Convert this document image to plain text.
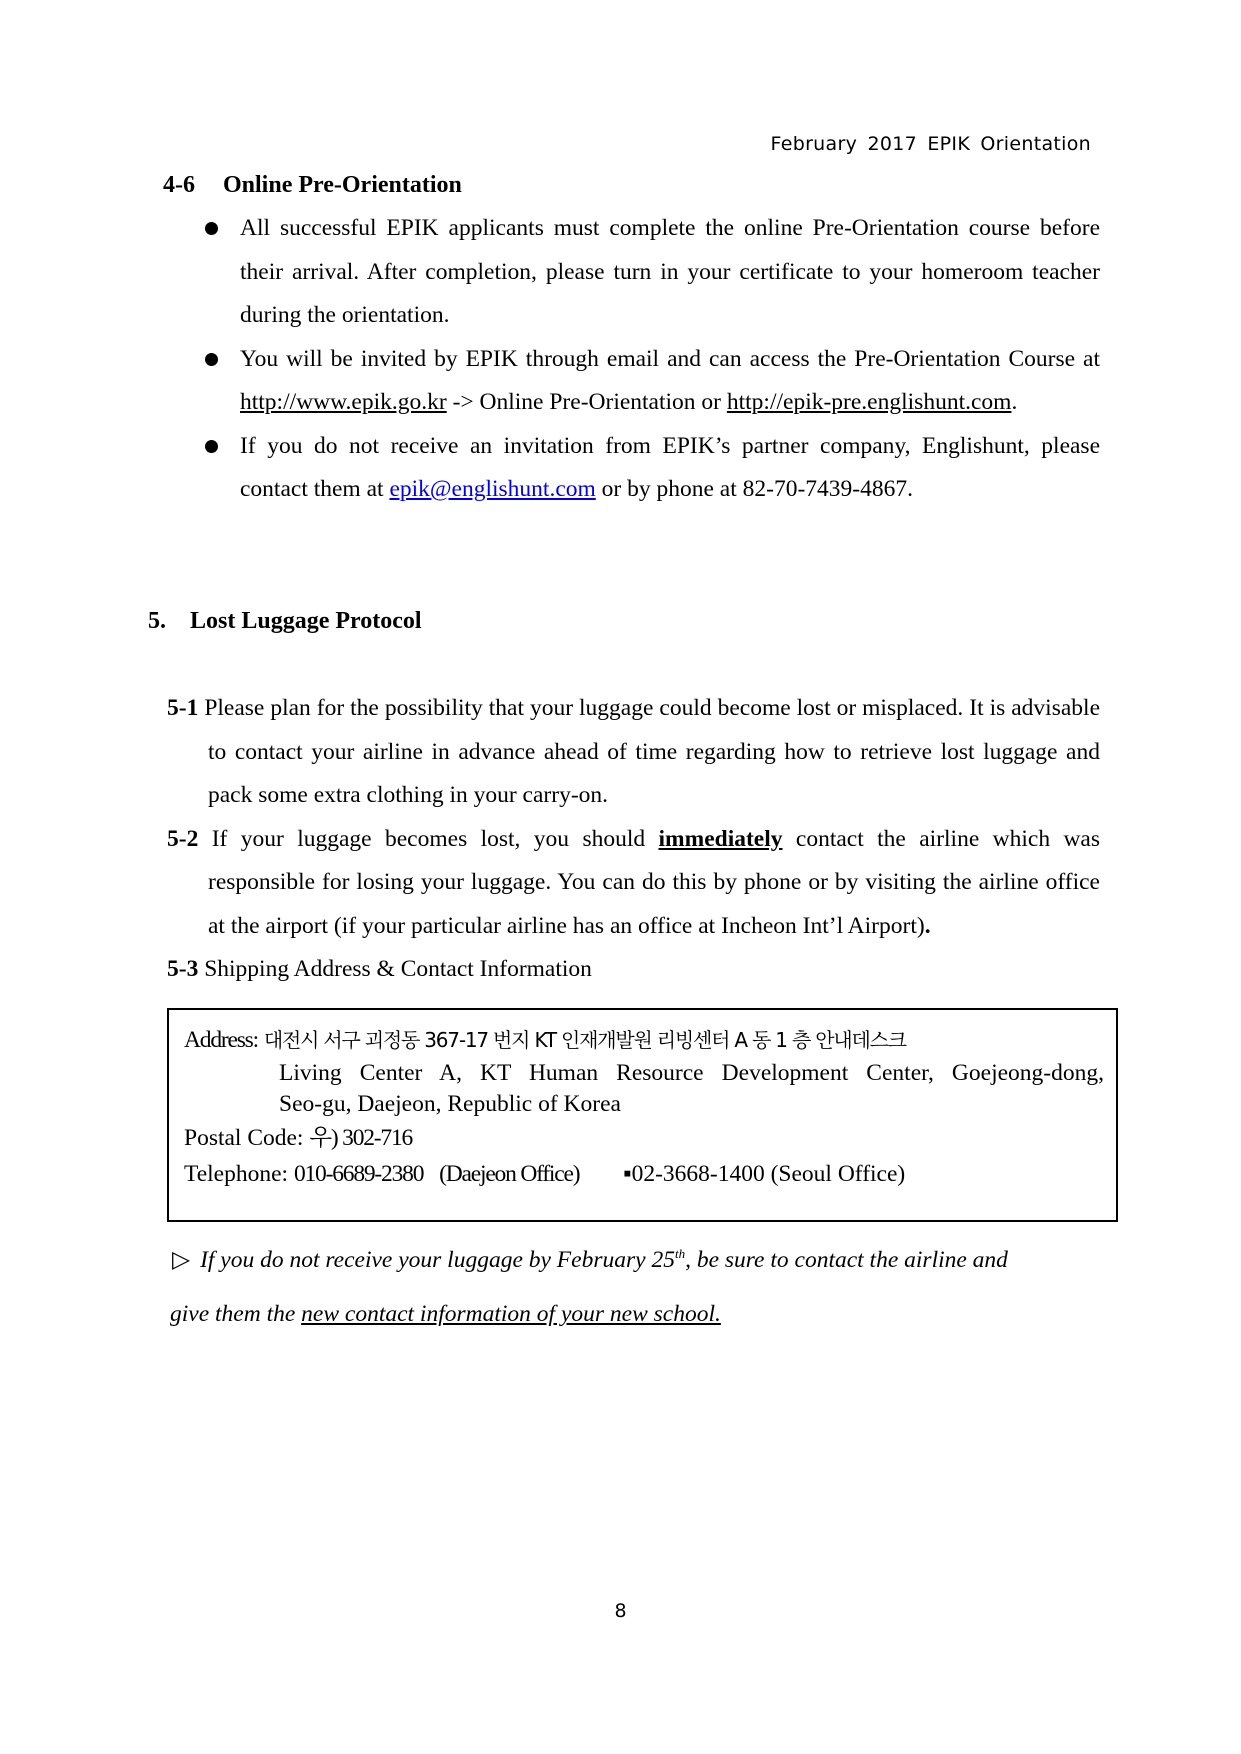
February 2017 EPIK Orientation
4-6 Online Pre-Orientation
All successful EPIK applicants must complete the online Pre-Orientation course before their arrival. After completion, please turn in your certificate to your homeroom teacher during the orientation.
You will be invited by EPIK through email and can access the Pre-Orientation Course at http://www.epik.go.kr -> Online Pre-Orientation or http://epik-pre.englishunt.com.
If you do not receive an invitation from EPIK’s partner company, Englishunt, please contact them at epik@englishunt.com or by phone at 82-70-7439-4867.
5. Lost Luggage Protocol
5-1 Please plan for the possibility that your luggage could become lost or misplaced. It is advisable to contact your airline in advance ahead of time regarding how to retrieve lost luggage and pack some extra clothing in your carry-on.
5-2 If your luggage becomes lost, you should immediately contact the airline which was responsible for losing your luggage. You can do this by phone or by visiting the airline office at the airport (if your particular airline has an office at Incheon Int’l Airport).
5-3 Shipping Address & Contact Information
Address: 대전시 서구 괴정동 367-17 번지 KT 인재개발원 리빙센터 A 동 1 층 안내데스크
Living Center A, KT Human Resource Development Center, Goejeong-dong,
Seo-gu, Daejeon, Republic of Korea
Postal Code: 우) 302-716
Telephone: 010-6689-2380 (Daejeon Office) ▪02-3668-1400 (Seoul Office)
▷ If you do not receive your luggage by February 25th, be sure to contact the airline and
give them the new contact information of your new school.
8
